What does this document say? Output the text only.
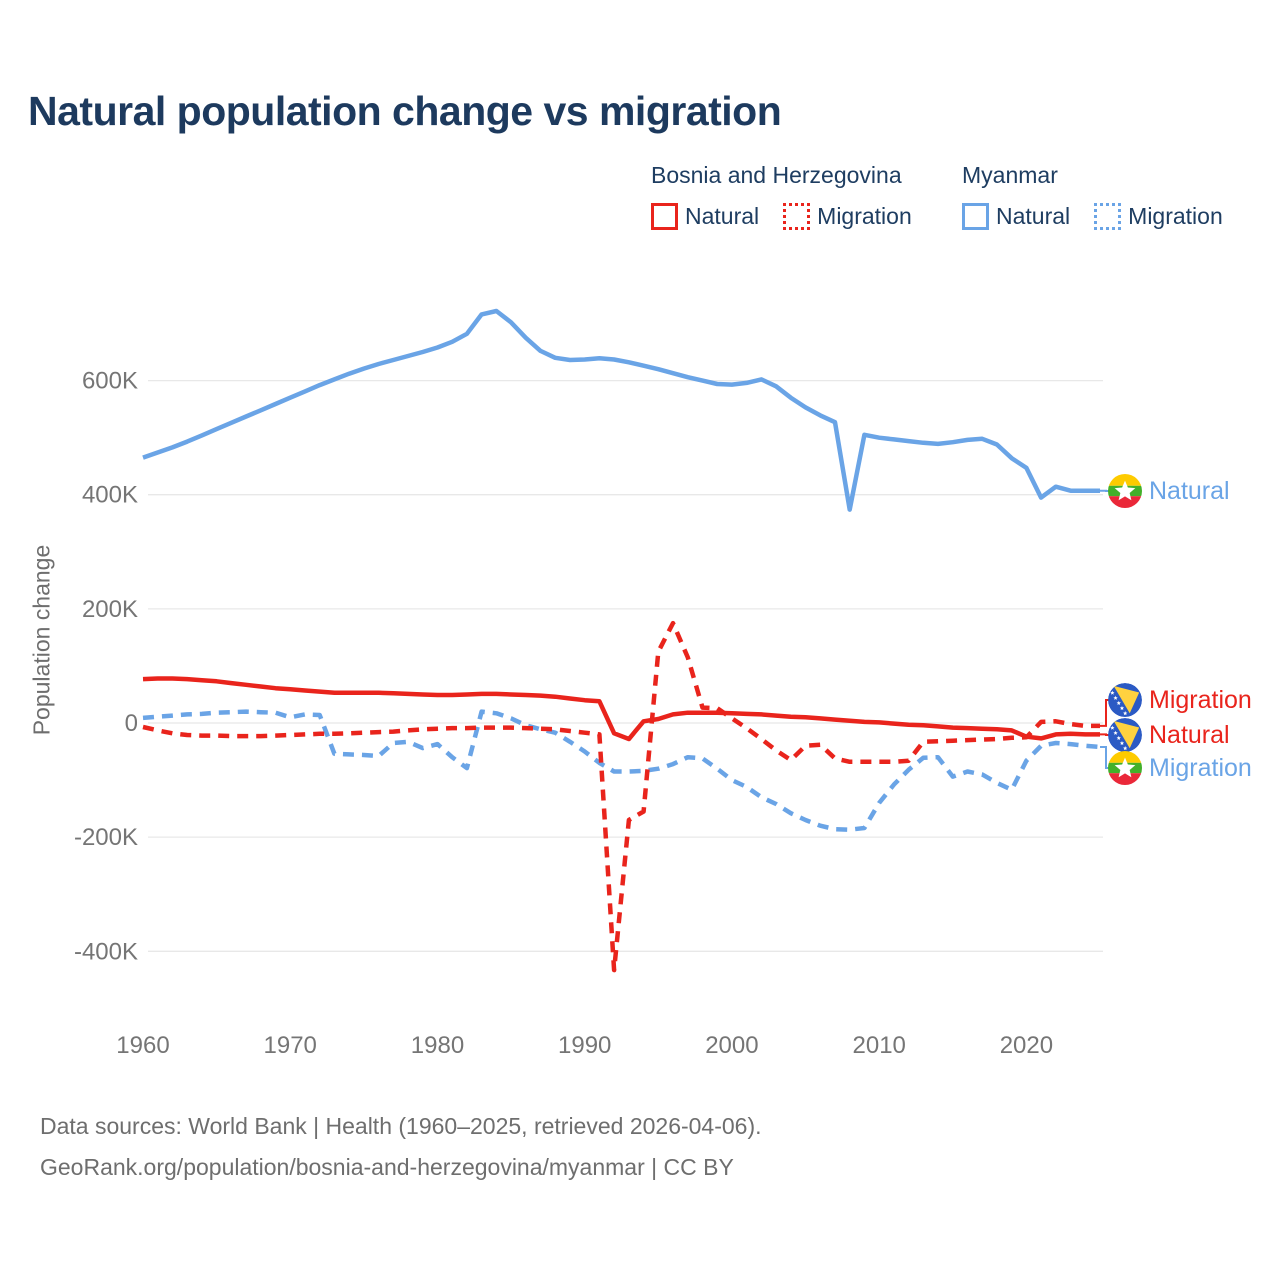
Natural population change vs migration
Bosnia and Herzegovina
Natural	Migration
Myanmar
Natural	Migration
Population change
600K
400K
200K
0
-200K
-400K
1960	1970	1980	1990	2000	2010	2020
Natural
Migration
Natural
Migration
Data sources: World Bank | Health (1960–2025, retrieved 2026-04-06).
GeoRank.org/population/bosnia-and-herzegovina/myanmar | CC BY
